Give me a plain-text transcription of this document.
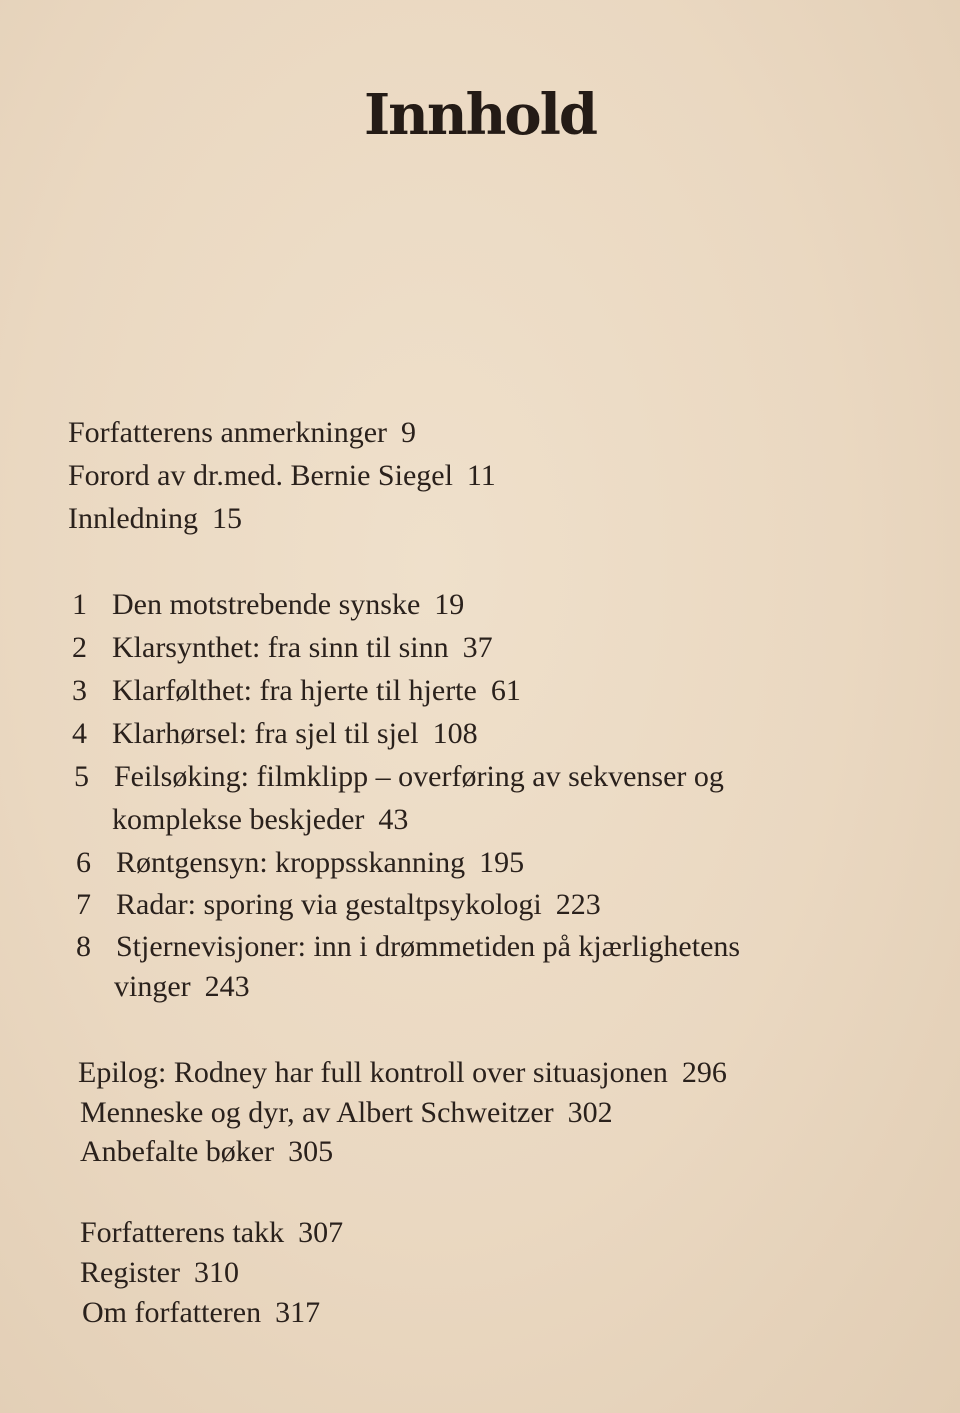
Innhold
Forfatterens anmerkninger 9
Forord av dr.med. Bernie Siegel 11
Innledning 15
1 Den motstrebende synske 19
2 Klarsynthet: fra sinn til sinn 37
3 Klarfølthet: fra hjerte til hjerte 61
4 Klarhørsel: fra sjel til sjel 108
5 Feilsøking: filmklipp – overføring av sekvenser og
komplekse beskjeder 43
6 Røntgensyn: kroppsskanning 195
7 Radar: sporing via gestaltpsykologi 223
8 Stjernevisjoner: inn i drømmetiden på kjærlighetens
vinger 243
Epilog: Rodney har full kontroll over situasjonen 296
Menneske og dyr, av Albert Schweitzer 302
Anbefalte bøker 305
Forfatterens takk 307
Register 310
Om forfatteren 317
